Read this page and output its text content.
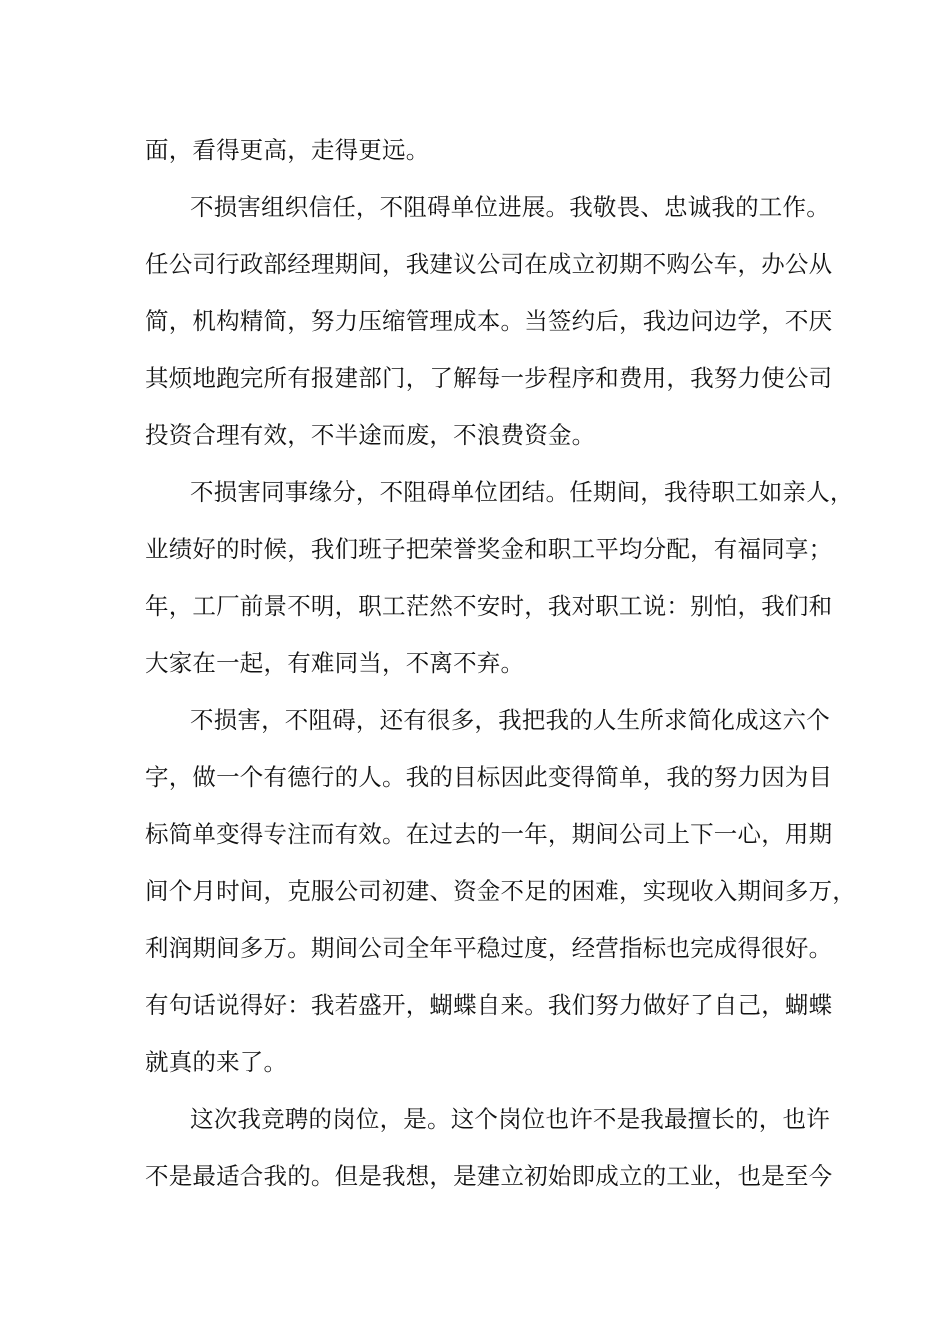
面，看得更高，走得更远。
不损害组织信任，不阻碍单位进展。我敬畏、忠诚我的工作。
任公司行政部经理期间，我建议公司在成立初期不购公车，办公从
简，机构精简，努力压缩管理成本。当签约后，我边问边学，不厌
其烦地跑完所有报建部门，了解每一步程序和费用，我努力使公司
投资合理有效，不半途而废，不浪费资金。
不损害同事缘分，不阻碍单位团结。任期间，我待职工如亲人，
业绩好的时候，我们班子把荣誉奖金和职工平均分配，有福同享；
年，工厂前景不明，职工茫然不安时，我对职工说：别怕，我们和
大家在一起，有难同当，不离不弃。
不损害，不阻碍，还有很多，我把我的人生所求简化成这六个
字，做一个有德行的人。我的目标因此变得简单，我的努力因为目
标简单变得专注而有效。在过去的一年，期间公司上下一心，用期
间个月时间，克服公司初建、资金不足的困难，实现收入期间多万，
利润期间多万。期间公司全年平稳过度，经营指标也完成得很好。
有句话说得好：我若盛开，蝴蝶自来。我们努力做好了自己，蝴蝶
就真的来了。
这次我竞聘的岗位，是。这个岗位也许不是我最擅长的，也许
不是最适合我的。但是我想，是建立初始即成立的工业，也是至今
